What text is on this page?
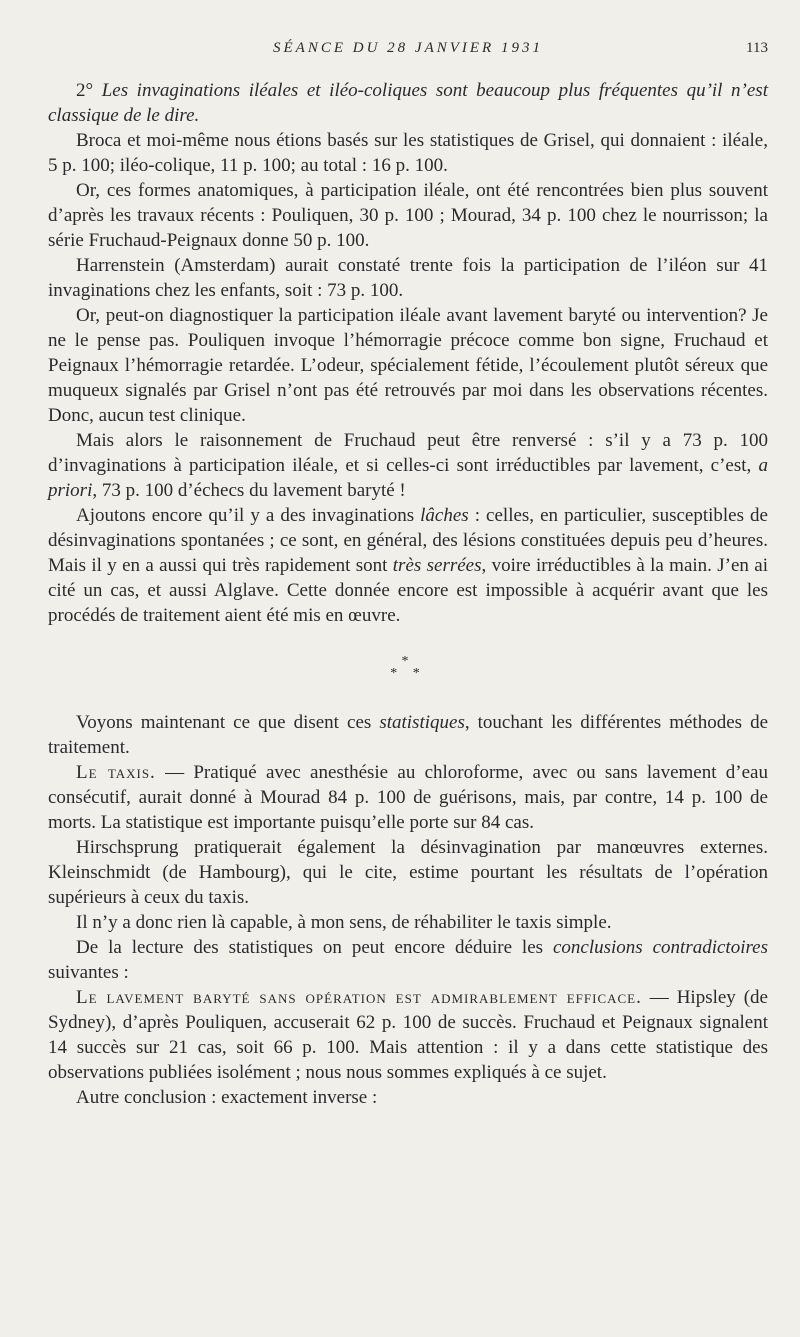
SÉANCE DU 28 JANVIER 1931	113

2° Les invaginations iléales et iléo-coliques sont beaucoup plus fréquentes qu’il n’est classique de le dire.

Broca et moi-même nous étions basés sur les statistiques de Grisel, qui donnaient : iléale, 5 p. 100; iléo-colique, 11 p. 100; au total : 16 p. 100.

Or, ces formes anatomiques, à participation iléale, ont été rencontrées bien plus souvent d’après les travaux récents : Pouliquen, 30 p. 100 ; Mourad, 34 p. 100 chez le nourrisson; la série Fruchaud-Peignaux donne 50 p. 100.

Harrenstein (Amsterdam) aurait constaté trente fois la participation de l’iléon sur 41 invaginations chez les enfants, soit : 73 p. 100.

Or, peut-on diagnostiquer la participation iléale avant lavement baryté ou intervention? Je ne le pense pas. Pouliquen invoque l’hémorragie précoce comme bon signe, Fruchaud et Peignaux l’hémorragie retardée. L’odeur, spécialement fétide, l’écoulement plutôt séreux que muqueux signalés par Grisel n’ont pas été retrouvés par moi dans les observations récentes. Donc, aucun test clinique.

Mais alors le raisonnement de Fruchaud peut être renversé : s’il y a 73 p. 100 d’invaginations à participation iléale, et si celles-ci sont irréductibles par lavement, c’est, a priori, 73 p. 100 d’échecs du lavement baryté !

Ajoutons encore qu’il y a des invaginations lâches : celles, en particulier, susceptibles de désinvaginations spontanées ; ce sont, en général, des lésions constituées depuis peu d’heures. Mais il y en a aussi qui très rapidement sont très serrées, voire irréductibles à la main. J’en ai cité un cas, et aussi Alglave. Cette donnée encore est impossible à acquérir avant que les procédés de traitement aient été mis en œuvre.

*
* *

Voyons maintenant ce que disent ces statistiques, touchant les différentes méthodes de traitement.

Le taxis. — Pratiqué avec anesthésie au chloroforme, avec ou sans lavement d’eau consécutif, aurait donné à Mourad 84 p. 100 de guérisons, mais, par contre, 14 p. 100 de morts. La statistique est importante puisqu’elle porte sur 84 cas.

Hirschsprung pratiquerait également la désinvagination par manœuvres externes. Kleinschmidt (de Hambourg), qui le cite, estime pourtant les résultats de l’opération supérieurs à ceux du taxis.

Il n’y a donc rien là capable, à mon sens, de réhabiliter le taxis simple.

De la lecture des statistiques on peut encore déduire les conclusions contradictoires suivantes :

Le lavement baryté sans opération est admirablement efficace. — Hipsley (de Sydney), d’après Pouliquen, accuserait 62 p. 100 de succès. Fruchaud et Peignaux signalent 14 succès sur 21 cas, soit 66 p. 100. Mais attention : il y a dans cette statistique des observations publiées isolément ; nous nous sommes expliqués à ce sujet.

Autre conclusion : exactement inverse :
